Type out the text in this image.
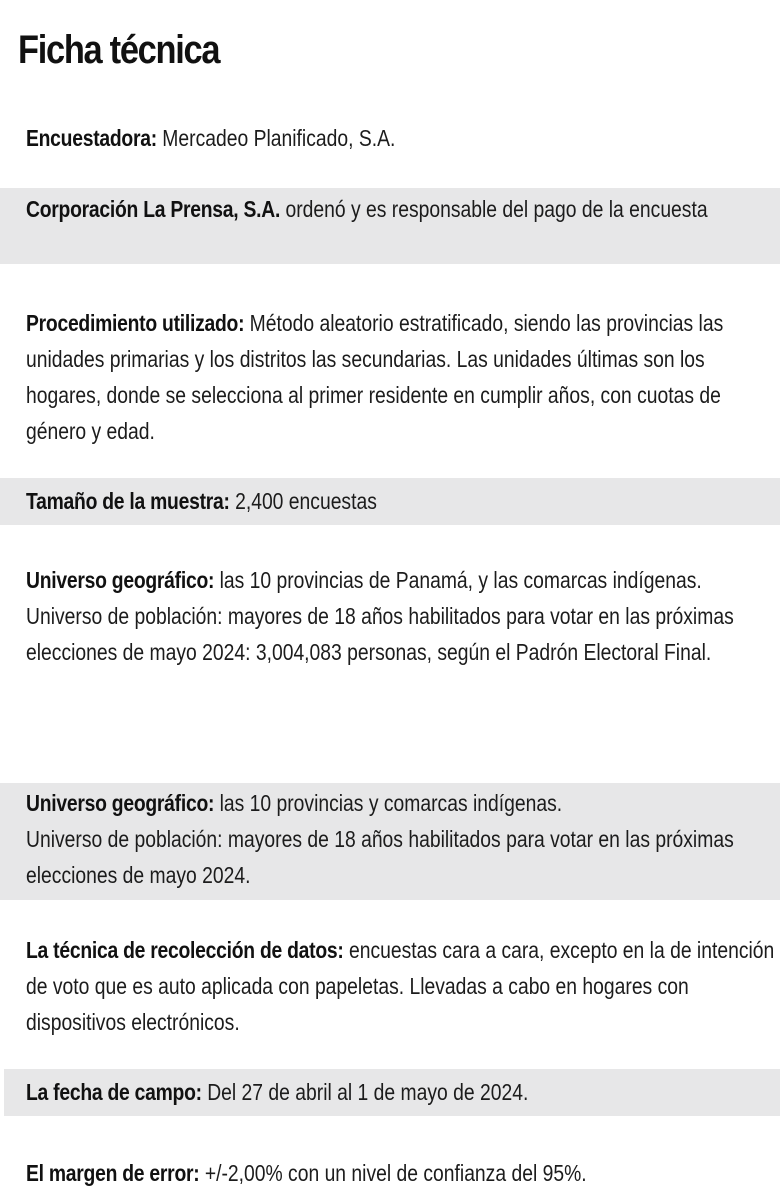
Ficha técnica
Encuestadora: Mercadeo Planificado, S.A.
Corporación La Prensa, S.A. ordenó y es responsable del pago de la encuesta
Procedimiento utilizado: Método aleatorio estratificado, siendo las provincias las unidades primarias y los distritos las secundarias. Las unidades últimas son los hogares, donde se selecciona al primer residente en cumplir años, con cuotas de género y edad.
Tamaño de la muestra: 2,400 encuestas
Universo geográfico: las 10 provincias de Panamá, y las comarcas indígenas.
Universo de población: mayores de 18 años habilitados para votar en las próximas elecciones de mayo 2024: 3,004,083 personas, según el Padrón Electoral Final.
Universo geográfico: las 10 provincias y comarcas indígenas.
Universo de población: mayores de 18 años habilitados para votar en las próximas elecciones de mayo 2024.
La técnica de recolección de datos: encuestas cara a cara, excepto en la de intención de voto que es auto aplicada con papeletas. Llevadas a cabo en hogares con dispositivos electrónicos.
La fecha de campo: Del 27 de abril al 1 de mayo de 2024.
El margen de error: +/-2,00% con un nivel de confianza del 95%.
